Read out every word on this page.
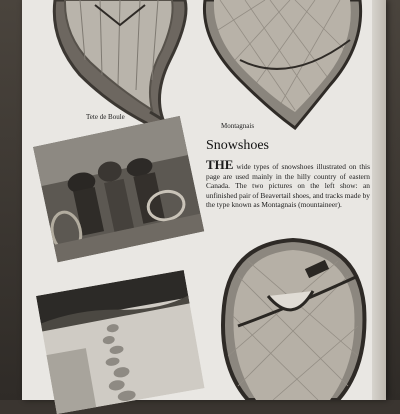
Tete de Boule
Montagnais
Snowshoes
THE wide types of snowshoes illustrated on this page are used mainly in the hilly country of eastern Canada. The two pictures on the left show: an unfinished pair of Beavertail shoes, and tracks made by the type known as Montagnais (mountaineer).
